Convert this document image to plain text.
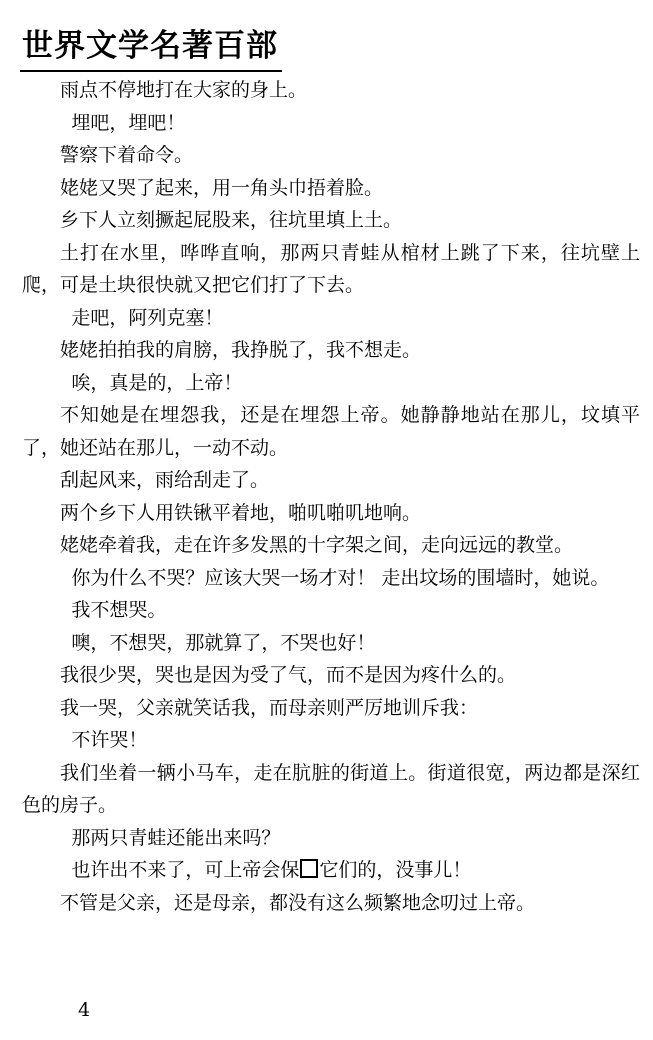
世界文学名著百部

雨点不停地打在大家的身上。

埋吧，埋吧！

警察下着命令。

姥姥又哭了起来，用一角头巾捂着脸。

乡下人立刻撅起屁股来，往坑里填上土。

土打在水里，哗哗直响，那两只青蛙从棺材上跳了下来，往坑壁上爬，可是土块很快就又把它们打了下去。

走吧，阿列克塞！

姥姥拍拍我的肩膀，我挣脱了，我不想走。

唉，真是的，上帝！

不知她是在埋怨我，还是在埋怨上帝。她静静地站在那儿，坟填平了，她还站在那儿，一动不动。

刮起风来，雨给刮走了。

两个乡下人用铁锹平着地，啪叽啪叽地响。

姥姥牵着我，走在许多发黑的十字架之间，走向远远的教堂。

你为什么不哭？应该大哭一场才对！ 走出坟场的围墙时，她说。

我不想哭。

噢，不想哭，那就算了，不哭也好！

我很少哭，哭也是因为受了气，而不是因为疼什么的。

我一哭，父亲就笑话我，而母亲则严厉地训斥我：

不许哭！

我们坐着一辆小马车，走在肮脏的街道上。街道很宽，两边都是深红色的房子。

那两只青蛙还能出来吗？

也许出不来了，可上帝会保 它们的，没事儿！

不管是父亲，还是母亲，都没有这么频繁地念叨过上帝。

4
